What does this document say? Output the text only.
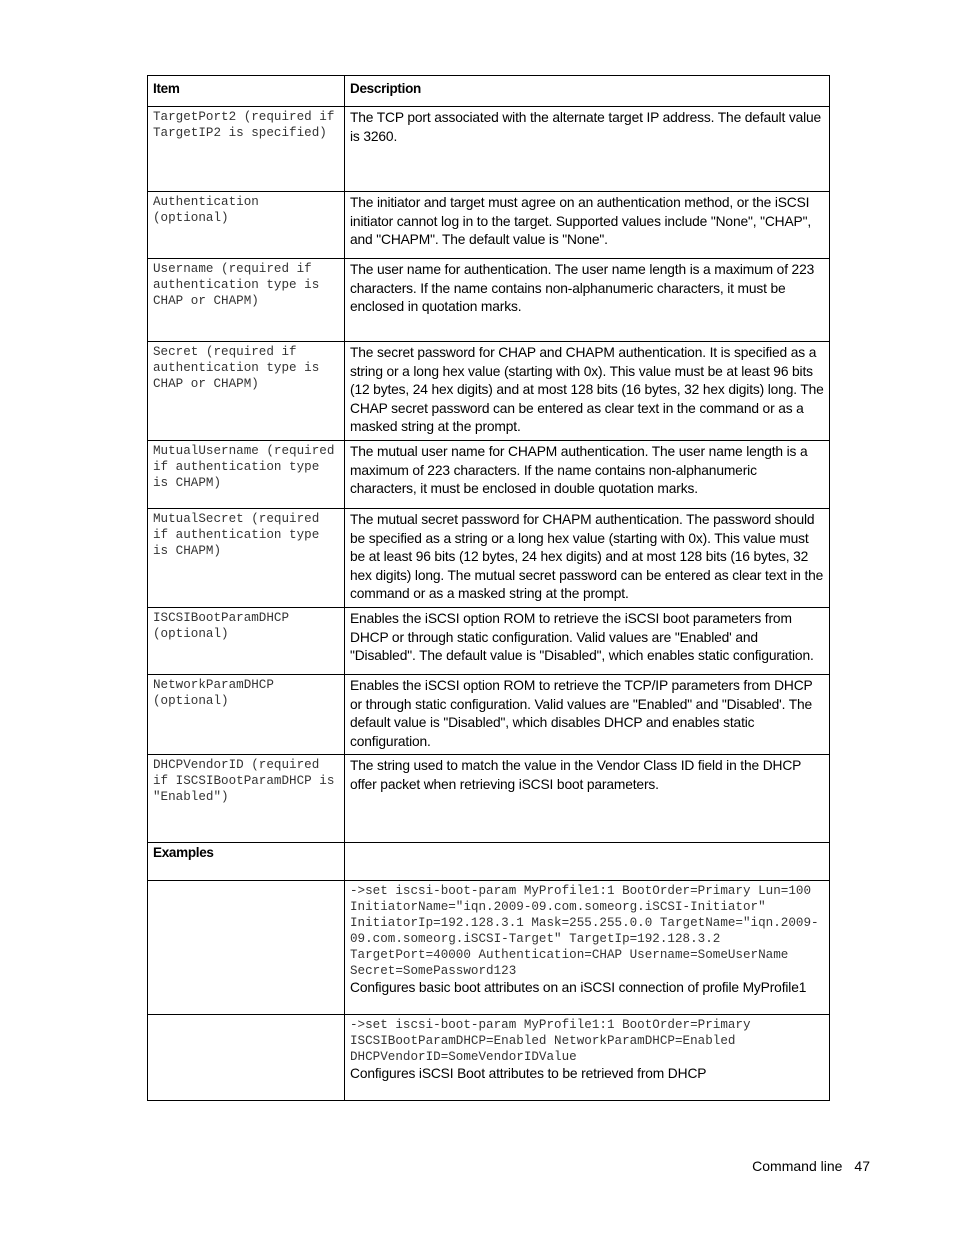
Item	Description
TargetPort2 (required if TargetIP2 is specified)	The TCP port associated with the alternate target IP address. The default value is 3260.
Authentication (optional)	The initiator and target must agree on an authentication method, or the iSCSI initiator cannot log in to the target. Supported values include "None", "CHAP", and "CHAPM". The default value is "None".
Username (required if authentication type is CHAP or CHAPM)	The user name for authentication. The user name length is a maximum of 223 characters. If the name contains non-alphanumeric characters, it must be enclosed in quotation marks.
Secret (required if authentication type is CHAP or CHAPM)	The secret password for CHAP and CHAPM authentication. It is specified as a string or a long hex value (starting with 0x). This value must be at least 96 bits (12 bytes, 24 hex digits) and at most 128 bits (16 bytes, 32 hex digits) long. The CHAP secret password can be entered as clear text in the command or as a masked string at the prompt.
MutualUsername (required if authentication type is CHAPM)	The mutual user name for CHAPM authentication. The user name length is a maximum of 223 characters. If the name contains non-alphanumeric characters, it must be enclosed in double quotation marks.
MutualSecret (required if authentication type is CHAPM)	The mutual secret password for CHAPM authentication. The password should be specified as a string or a long hex value (starting with 0x). This value must be at least 96 bits (12 bytes, 24 hex digits) and at most 128 bits (16 bytes, 32 hex digits) long. The mutual secret password can be entered as clear text in the command or as a masked string at the prompt.
ISCSIBootParamDHCP (optional)	Enables the iSCSI option ROM to retrieve the iSCSI boot parameters from DHCP or through static configuration. Valid values are "Enabled' and "Disabled". The default value is "Disabled", which enables static configuration.
NetworkParamDHCP (optional)	Enables the iSCSI option ROM to retrieve the TCP/IP parameters from DHCP or through static configuration. Valid values are "Enabled" and "Disabled'. The default value is "Disabled", which disables DHCP and enables static configuration.
DHCPVendorID (required if ISCSIBootParamDHCP is "Enabled")	The string used to match the value in the Vendor Class ID field in the DHCP offer packet when retrieving iSCSI boot parameters.
Examples	

	->set iscsi-boot-param MyProfile1:1 BootOrder=Primary Lun=100 InitiatorName="iqn.2009-09.com.someorg.iSCSI-Initiator" InitiatorIp=192.128.3.1 Mask=255.255.0.0 TargetName="iqn.2009-09.com.someorg.iSCSI-Target" TargetIp=192.128.3.2 TargetPort=40000 Authentication=CHAP Username=SomeUserName Secret=SomePassword123
Configures basic boot attributes on an iSCSI connection of profile MyProfile1

	->set iscsi-boot-param MyProfile1:1 BootOrder=Primary ISCSIBootParamDHCP=Enabled NetworkParamDHCP=Enabled DHCPVendorID=SomeVendorIDValue
Configures iSCSI Boot attributes to be retrieved from DHCP
Command line 47
